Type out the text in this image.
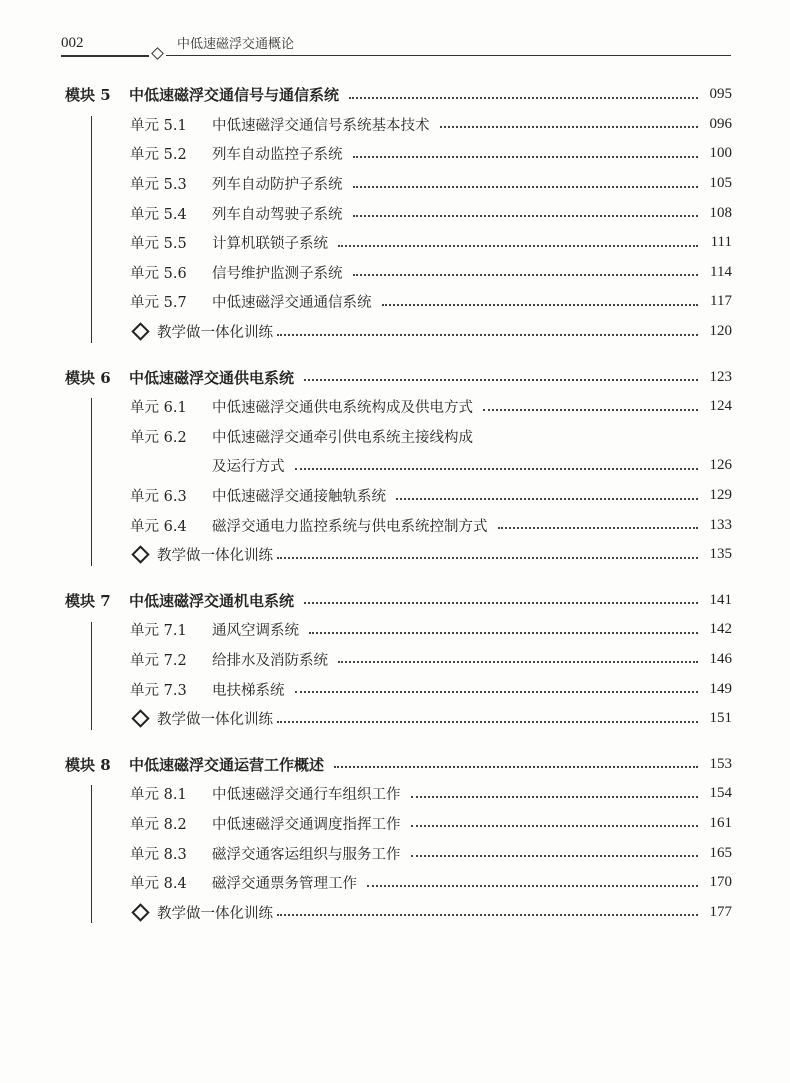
002	中低速磁浮交通概论
模块 5	中低速磁浮交通信号与通信系统	095
单元 5.1	中低速磁浮交通信号系统基本技术	096
单元 5.2	列车自动监控子系统	100
单元 5.3	列车自动防护子系统	105
单元 5.4	列车自动驾驶子系统	108
单元 5.5	计算机联锁子系统	111
单元 5.6	信号维护监测子系统	114
单元 5.7	中低速磁浮交通通信系统	117
教学做一体化训练	120
模块 6	中低速磁浮交通供电系统	123
单元 6.1	中低速磁浮交通供电系统构成及供电方式	124
单元 6.2	中低速磁浮交通牵引供电系统主接线构成
及运行方式	126
单元 6.3	中低速磁浮交通接触轨系统	129
单元 6.4	磁浮交通电力监控系统与供电系统控制方式	133
教学做一体化训练	135
模块 7	中低速磁浮交通机电系统	141
单元 7.1	通风空调系统	142
单元 7.2	给排水及消防系统	146
单元 7.3	电扶梯系统	149
教学做一体化训练	151
模块 8	中低速磁浮交通运营工作概述	153
单元 8.1	中低速磁浮交通行车组织工作	154
单元 8.2	中低速磁浮交通调度指挥工作	161
单元 8.3	磁浮交通客运组织与服务工作	165
单元 8.4	磁浮交通票务管理工作	170
教学做一体化训练	177
